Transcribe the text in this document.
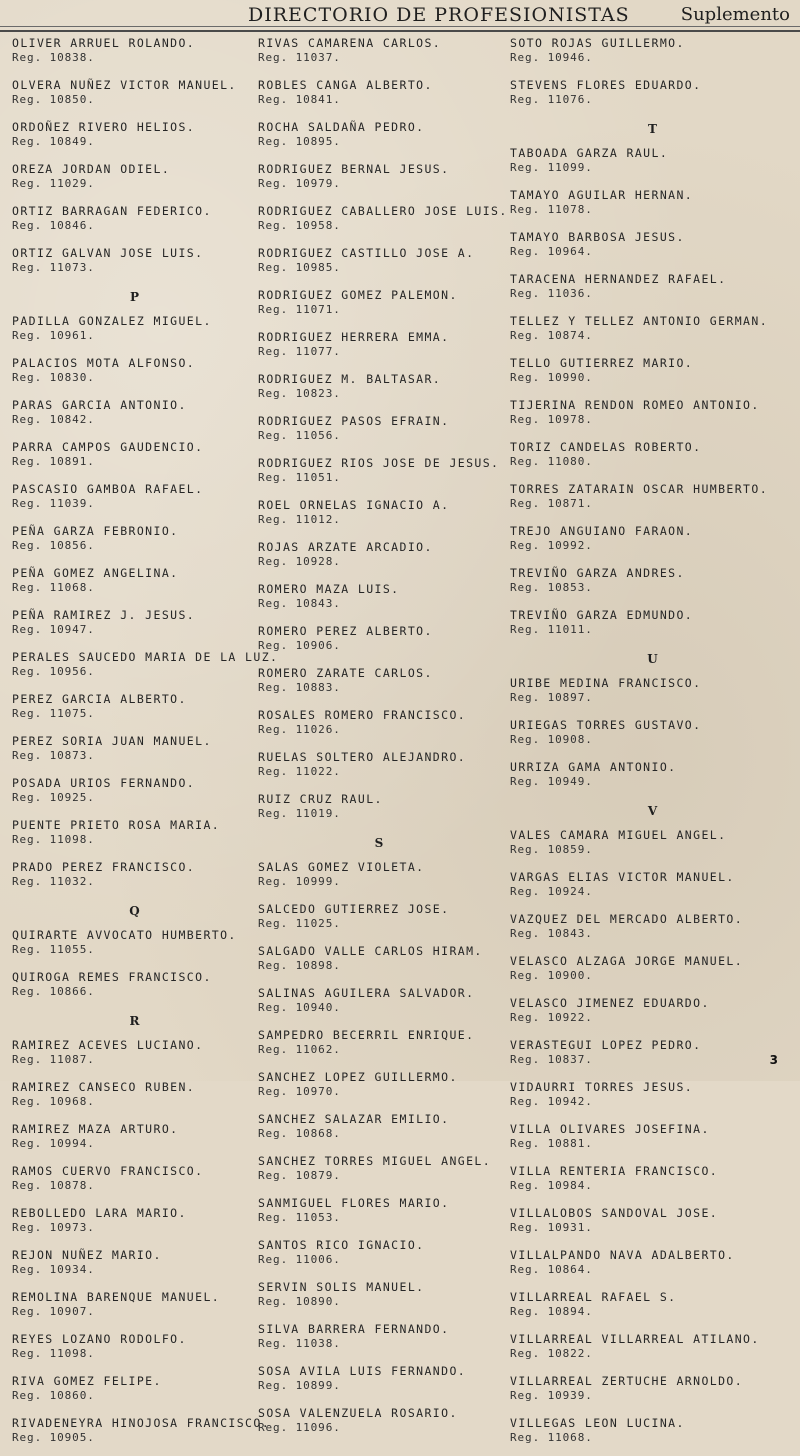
DIRECTORIO DE PROFESIONISTAS	Suplemento
OLIVER ARRUEL ROLANDO.
Reg. 10838.
OLVERA NUÑEZ VICTOR MANUEL.
Reg. 10850.
ORDOÑEZ RIVERO HELIOS.
Reg. 10849.
OREZA JORDAN ODIEL.
Reg. 11029.
ORTIZ BARRAGAN FEDERICO.
Reg. 10846.
ORTIZ GALVAN JOSE LUIS.
Reg. 11073.
P
PADILLA GONZALEZ MIGUEL.
Reg. 10961.
PALACIOS MOTA ALFONSO.
Reg. 10830.
PARAS GARCIA ANTONIO.
Reg. 10842.
PARRA CAMPOS GAUDENCIO.
Reg. 10891.
PASCASIO GAMBOA RAFAEL.
Reg. 11039.
PEÑA GARZA FEBRONIO.
Reg. 10856.
PEÑA GOMEZ ANGELINA.
Reg. 11068.
PEÑA RAMIREZ J. JESUS.
Reg. 10947.
PERALES SAUCEDO MARIA DE LA LUZ.
Reg. 10956.
PEREZ GARCIA ALBERTO.
Reg. 11075.
PEREZ SORIA JUAN MANUEL.
Reg. 10873.
POSADA URIOS FERNANDO.
Reg. 10925.
PUENTE PRIETO ROSA MARIA.
Reg. 11098.
PRADO PEREZ FRANCISCO.
Reg. 11032.
Q
QUIRARTE AVVOCATO HUMBERTO.
Reg. 11055.
QUIROGA REMES FRANCISCO.
Reg. 10866.
R
RAMIREZ ACEVES LUCIANO.
Reg. 11087.
RAMIREZ CANSECO RUBEN.
Reg. 10968.
RAMIREZ MAZA ARTURO.
Reg. 10994.
RAMOS CUERVO FRANCISCO.
Reg. 10878.
REBOLLEDO LARA MARIO.
Reg. 10973.
REJON NUÑEZ MARIO.
Reg. 10934.
REMOLINA BARENQUE MANUEL.
Reg. 10907.
REYES LOZANO RODOLFO.
Reg. 11098.
RIVA GOMEZ FELIPE.
Reg. 10860.
RIVADENEYRA HINOJOSA FRANCISCO.
Reg. 10905.
RIVAS CAMARENA CARLOS.
Reg. 11037.
ROBLES CANGA ALBERTO.
Reg. 10841.
ROCHA SALDAÑA PEDRO.
Reg. 10895.
RODRIGUEZ BERNAL JESUS.
Reg. 10979.
RODRIGUEZ CABALLERO JOSE LUIS.
Reg. 10958.
RODRIGUEZ CASTILLO JOSE A.
Reg. 10985.
RODRIGUEZ GOMEZ PALEMON.
Reg. 11071.
RODRIGUEZ HERRERA EMMA.
Reg. 11077.
RODRIGUEZ M. BALTASAR.
Reg. 10823.
RODRIGUEZ PASOS EFRAIN.
Reg. 11056.
RODRIGUEZ RIOS JOSE DE JESUS.
Reg. 11051.
ROEL ORNELAS IGNACIO A.
Reg. 11012.
ROJAS ARZATE ARCADIO.
Reg. 10928.
ROMERO MAZA LUIS.
Reg. 10843.
ROMERO PEREZ ALBERTO.
Reg. 10906.
ROMERO ZARATE CARLOS.
Reg. 10883.
ROSALES ROMERO FRANCISCO.
Reg. 11026.
RUELAS SOLTERO ALEJANDRO.
Reg. 11022.
RUIZ CRUZ RAUL.
Reg. 11019.
S
SALAS GOMEZ VIOLETA.
Reg. 10999.
SALCEDO GUTIERREZ JOSE.
Reg. 11025.
SALGADO VALLE CARLOS HIRAM.
Reg. 10898.
SALINAS AGUILERA SALVADOR.
Reg. 10940.
SAMPEDRO BECERRIL ENRIQUE.
Reg. 11062.
SANCHEZ LOPEZ GUILLERMO.
Reg. 10970.
SANCHEZ SALAZAR EMILIO.
Reg. 10868.
SANCHEZ TORRES MIGUEL ANGEL.
Reg. 10879.
SANMIGUEL FLORES MARIO.
Reg. 11053.
SANTOS RICO IGNACIO.
Reg. 11006.
SERVIN SOLIS MANUEL.
Reg. 10890.
SILVA BARRERA FERNANDO.
Reg. 11038.
SOSA AVILA LUIS FERNANDO.
Reg. 10899.
SOSA VALENZUELA ROSARIO.
Reg. 11096.
SOTO ROJAS GUILLERMO.
Reg. 10946.
STEVENS FLORES EDUARDO.
Reg. 11076.
T
TABOADA GARZA RAUL.
Reg. 11099.
TAMAYO AGUILAR HERNAN.
Reg. 11078.
TAMAYO BARBOSA JESUS.
Reg. 10964.
TARACENA HERNANDEZ RAFAEL.
Reg. 11036.
TELLEZ Y TELLEZ ANTONIO GERMAN.
Reg. 10874.
TELLO GUTIERREZ MARIO.
Reg. 10990.
TIJERINA RENDON ROMEO ANTONIO.
Reg. 10978.
TORIZ CANDELAS ROBERTO.
Reg. 11080.
TORRES ZATARAIN OSCAR HUMBERTO.
Reg. 10871.
TREJO ANGUIANO FARAON.
Reg. 10992.
TREVIÑO GARZA ANDRES.
Reg. 10853.
TREVIÑO GARZA EDMUNDO.
Reg. 11011.
U
URIBE MEDINA FRANCISCO.
Reg. 10897.
URIEGAS TORRES GUSTAVO.
Reg. 10908.
URRIZA GAMA ANTONIO.
Reg. 10949.
V
VALES CAMARA MIGUEL ANGEL.
Reg. 10859.
VARGAS ELIAS VICTOR MANUEL.
Reg. 10924.
VAZQUEZ DEL MERCADO ALBERTO.
Reg. 10843.
VELASCO ALZAGA JORGE MANUEL.
Reg. 10900.
VELASCO JIMENEZ EDUARDO.
Reg. 10922.
VERASTEGUI LOPEZ PEDRO.
Reg. 10837.
VIDAURRI TORRES JESUS.
Reg. 10942.
VILLA OLIVARES JOSEFINA.
Reg. 10881.
VILLA RENTERIA FRANCISCO.
Reg. 10984.
VILLALOBOS SANDOVAL JOSE.
Reg. 10931.
VILLALPANDO NAVA ADALBERTO.
Reg. 10864.
VILLARREAL RAFAEL S.
Reg. 10894.
VILLARREAL VILLARREAL ATILANO.
Reg. 10822.
VILLARREAL ZERTUCHE ARNOLDO.
Reg. 10939.
VILLEGAS LEON LUCINA.
Reg. 11068.
3
